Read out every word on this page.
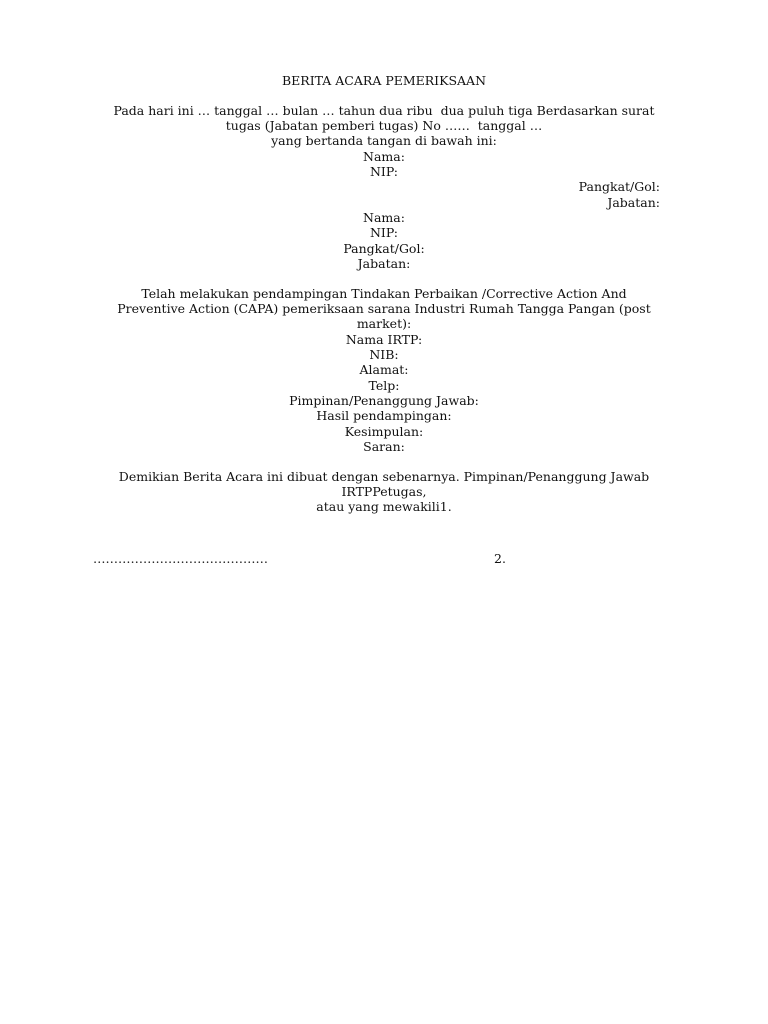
BERITA ACARA PEMERIKSAAN
Pada hari ini … tanggal … bulan … tahun dua ribu  dua puluh tiga Berdasarkan surat
tugas (Jabatan pemberi tugas) No ……  tanggal …
yang bertanda tangan di bawah ini:
Nama:
NIP:
Pangkat/Gol:
Jabatan:
Nama:
NIP:
Pangkat/Gol:
Jabatan:
Telah melakukan pendampingan Tindakan Perbaikan /Corrective Action And
Preventive Action (CAPA) pemeriksaan sarana Industri Rumah Tangga Pangan (post
market):
Nama IRTP:
NIB:
Alamat:
Telp:
Pimpinan/Penanggung Jawab:
Hasil pendampingan:
Kesimpulan:
Saran:
Demikian Berita Acara ini dibuat dengan sebenarnya. Pimpinan/Penanggung Jawab
IRTPPetugas,
atau yang mewakili1.
……………………………………	2.
